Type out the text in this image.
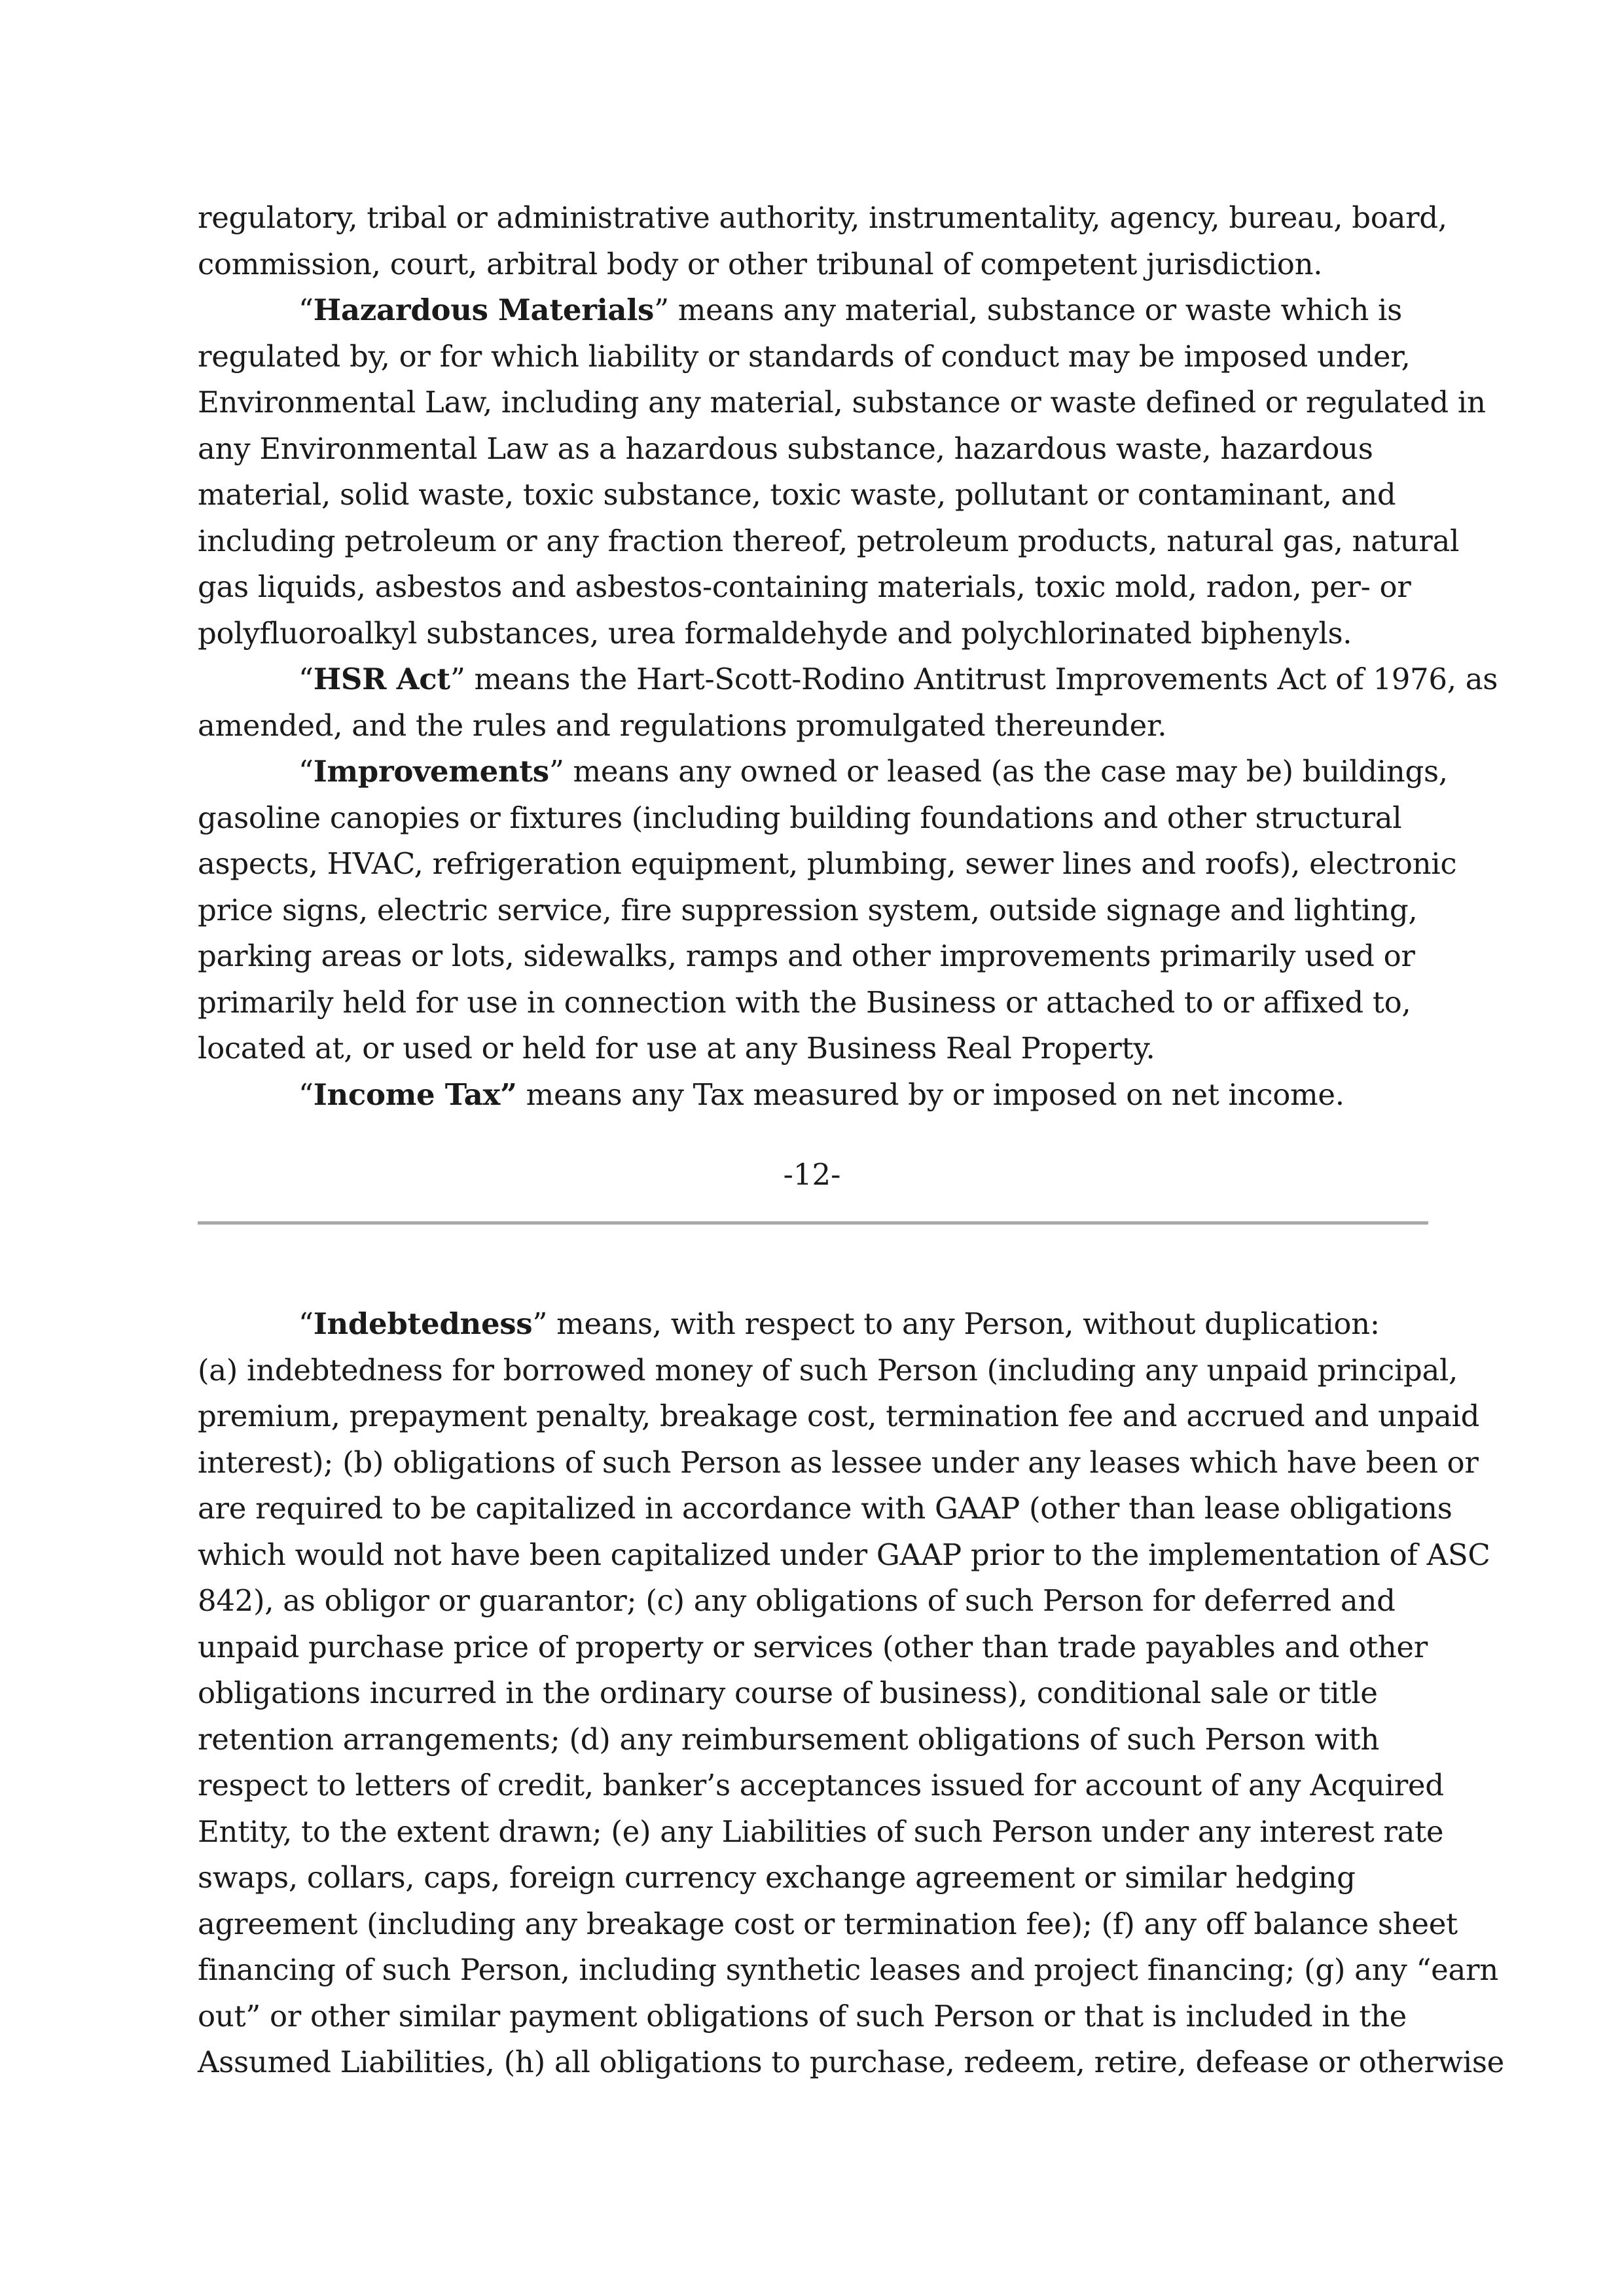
regulatory, tribal or administrative authority, instrumentality, agency, bureau, board,
commission, court, arbitral body or other tribunal of competent jurisdiction.
“Hazardous Materials” means any material, substance or waste which is
regulated by, or for which liability or standards of conduct may be imposed under,
Environmental Law, including any material, substance or waste defined or regulated in
any Environmental Law as a hazardous substance, hazardous waste, hazardous
material, solid waste, toxic substance, toxic waste, pollutant or contaminant, and
including petroleum or any fraction thereof, petroleum products, natural gas, natural
gas liquids, asbestos and asbestos-containing materials, toxic mold, radon, per- or
polyfluoroalkyl substances, urea formaldehyde and polychlorinated biphenyls.
“HSR Act” means the Hart-Scott-Rodino Antitrust Improvements Act of 1976, as
amended, and the rules and regulations promulgated thereunder.
“Improvements” means any owned or leased (as the case may be) buildings,
gasoline canopies or fixtures (including building foundations and other structural
aspects, HVAC, refrigeration equipment, plumbing, sewer lines and roofs), electronic
price signs, electric service, fire suppression system, outside signage and lighting,
parking areas or lots, sidewalks, ramps and other improvements primarily used or
primarily held for use in connection with the Business or attached to or affixed to,
located at, or used or held for use at any Business Real Property.
“Income Tax” means any Tax measured by or imposed on net income.
-12-
“Indebtedness” means, with respect to any Person, without duplication:
(a) indebtedness for borrowed money of such Person (including any unpaid principal,
premium, prepayment penalty, breakage cost, termination fee and accrued and unpaid
interest); (b) obligations of such Person as lessee under any leases which have been or
are required to be capitalized in accordance with GAAP (other than lease obligations
which would not have been capitalized under GAAP prior to the implementation of ASC
842), as obligor or guarantor; (c) any obligations of such Person for deferred and
unpaid purchase price of property or services (other than trade payables and other
obligations incurred in the ordinary course of business), conditional sale or title
retention arrangements; (d) any reimbursement obligations of such Person with
respect to letters of credit, banker’s acceptances issued for account of any Acquired
Entity, to the extent drawn; (e) any Liabilities of such Person under any interest rate
swaps, collars, caps, foreign currency exchange agreement or similar hedging
agreement (including any breakage cost or termination fee); (f) any off balance sheet
financing of such Person, including synthetic leases and project financing; (g) any “earn
out” or other similar payment obligations of such Person or that is included in the
Assumed Liabilities, (h) all obligations to purchase, redeem, retire, defease or otherwise
